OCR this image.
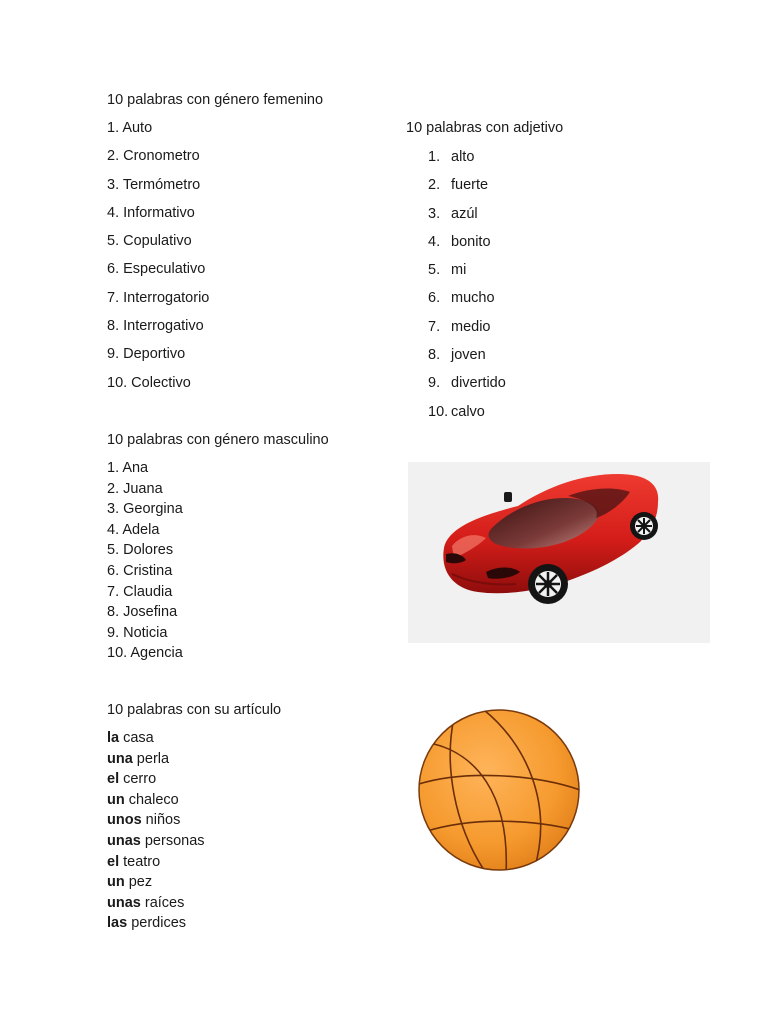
10 palabras con género femenino
1. Auto
2. Cronometro
3. Termómetro
4. Informativo
5. Copulativo
6. Especulativo
7. Interrogatorio
8. Interrogativo
9. Deportivo
10. Colectivo
10 palabras con adjetivo
1. alto
2. fuerte
3. azúl
4. bonito
5. mi
6. mucho
7. medio
8. joven
9. divertido
10. calvo
10 palabras con género masculino
1. Ana
2. Juana
3. Georgina
4. Adela
5. Dolores
6. Cristina
7. Claudia
8. Josefina
9. Noticia
10. Agencia
10 palabras con su artículo
la casa
una perla
el cerro
un chaleco
unos niños
unas personas
el teatro
un pez
unas raíces
las perdices
